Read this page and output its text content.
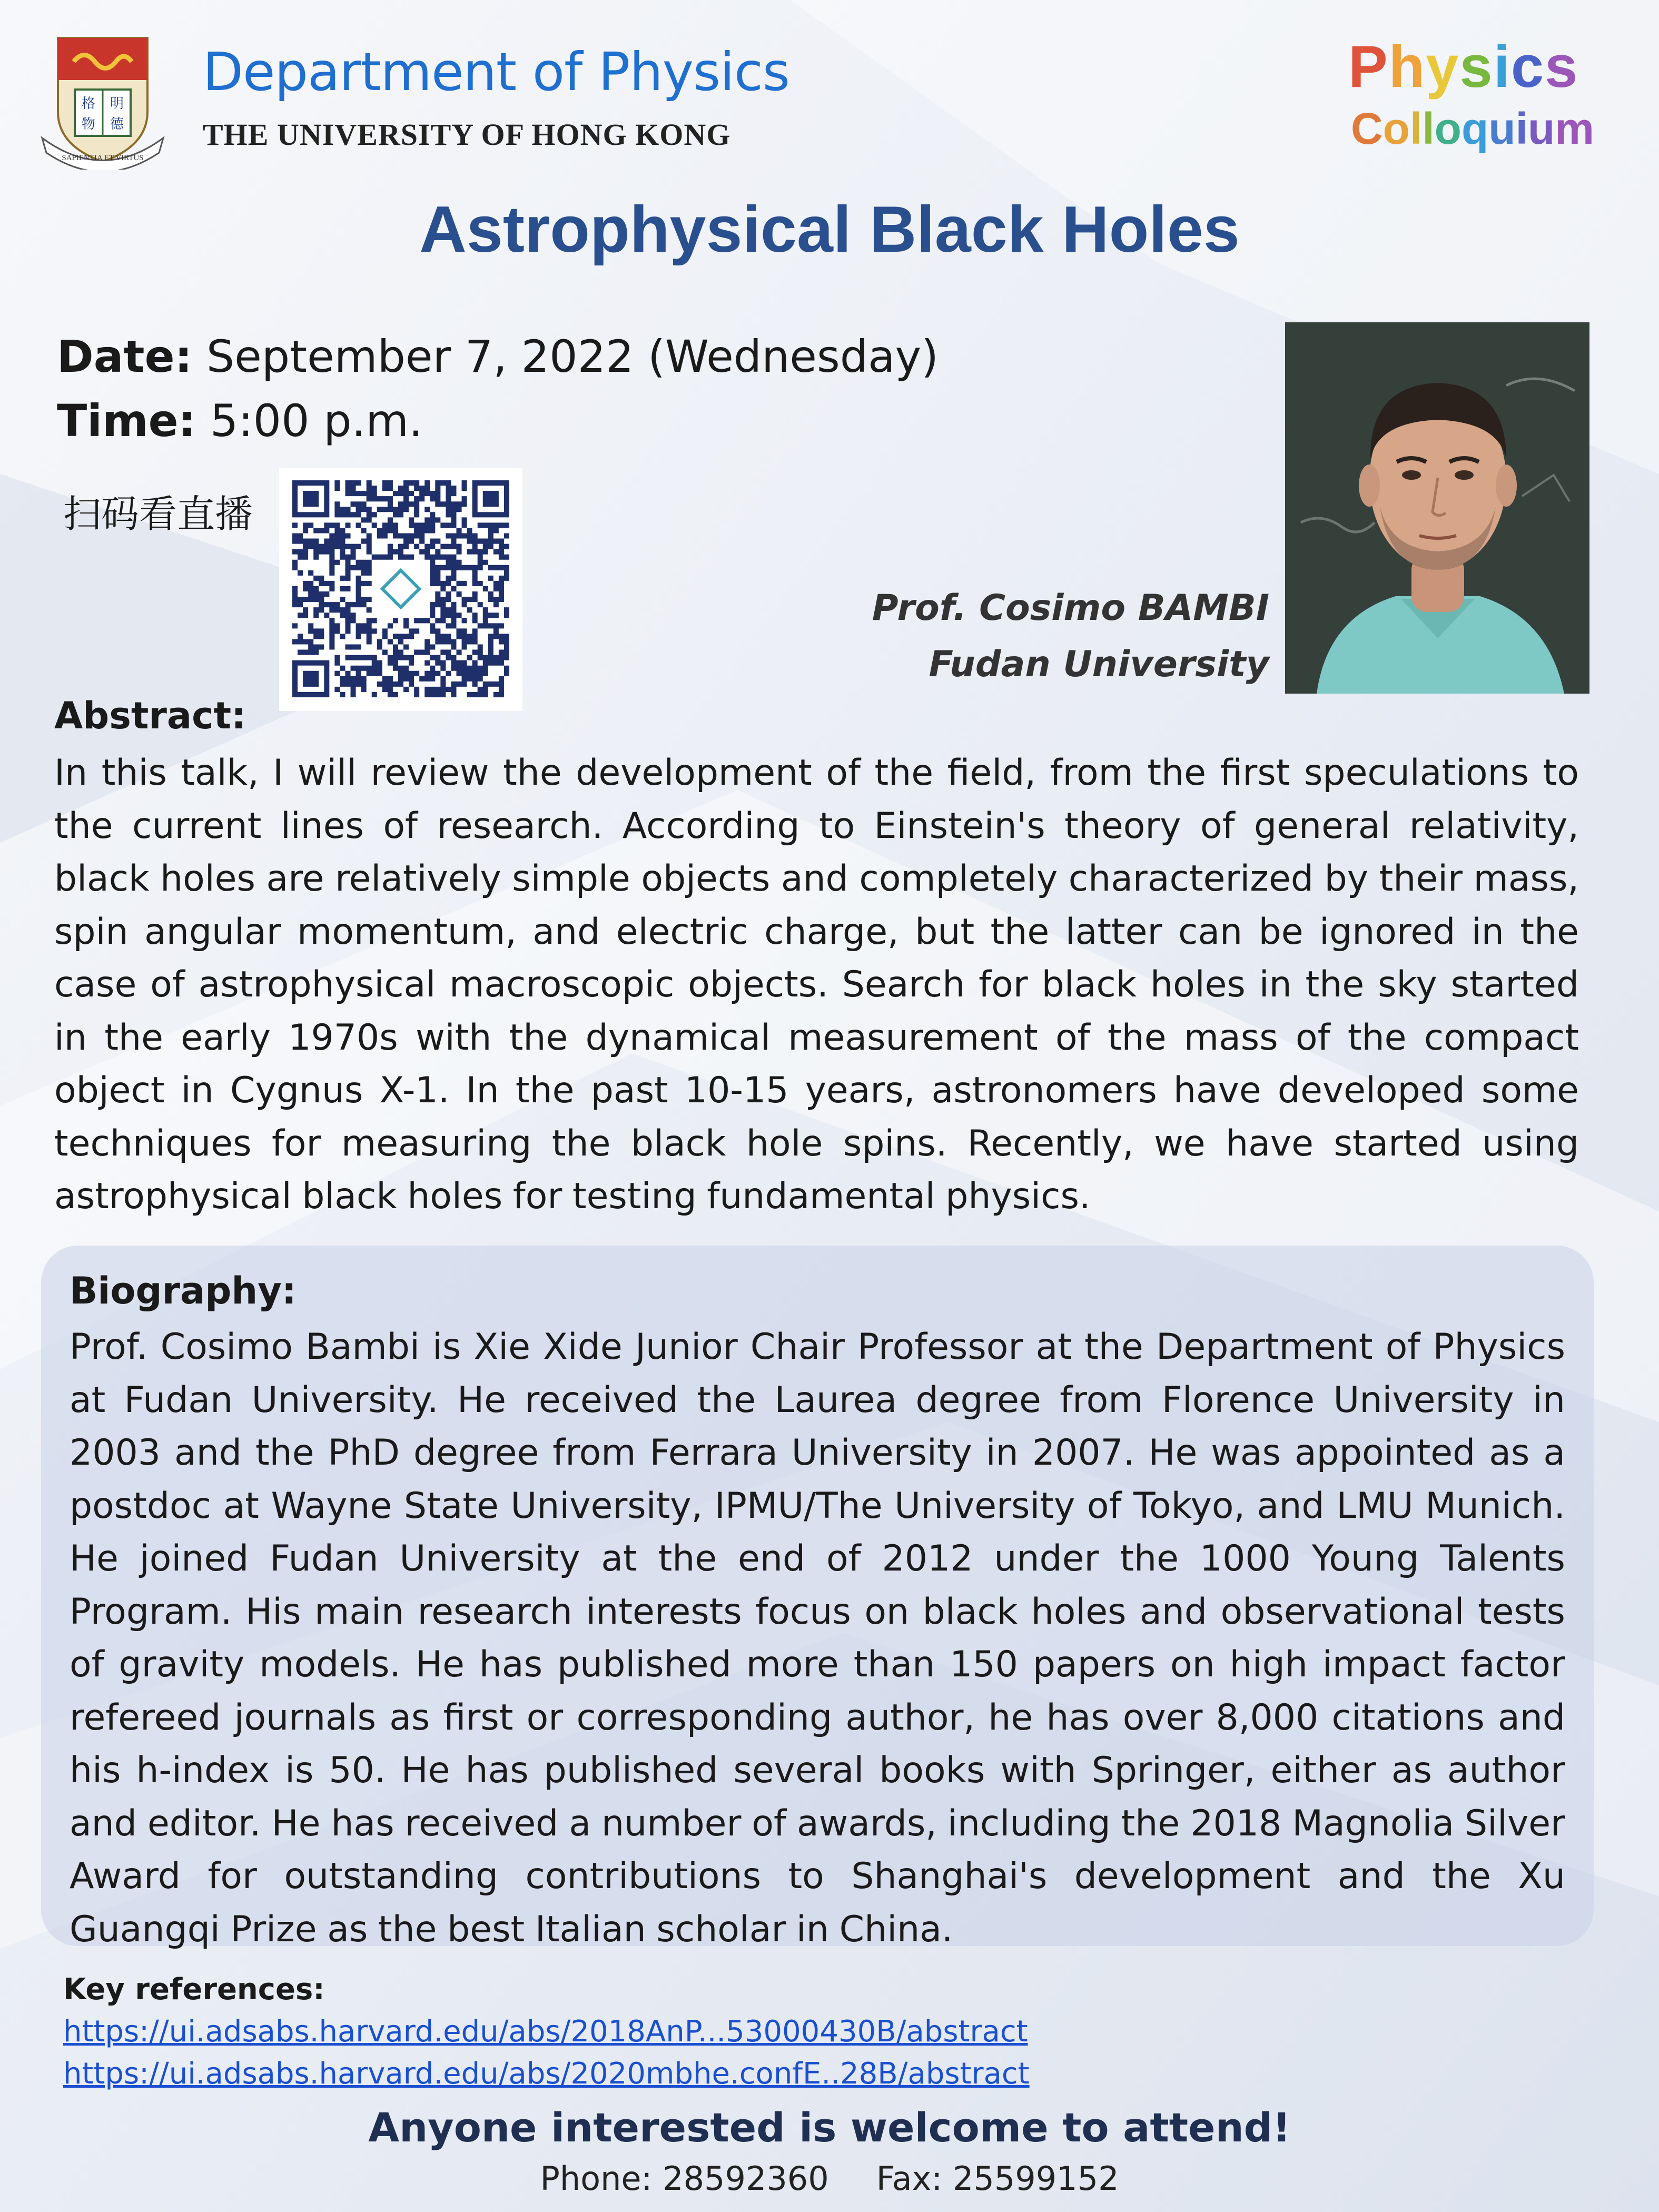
格 明
物 德
SAPIENTIA ET VIRTUS
Department of Physics
THE UNIVERSITY OF HONG KONG
Physics
Colloquium
Astrophysical Black Holes
Date: September 7, 2022 (Wednesday)
Time: 5:00 p.m.
扫码看直播
Prof. Cosimo BAMBI
Fudan University
Abstract:
In this talk, I will review the development of the field, from the first speculations to the current lines of research. According to Einstein's theory of general relativity, black holes are relatively simple objects and completely characterized by their mass, spin angular momentum, and electric charge, but the latter can be ignored in the case of astrophysical macroscopic objects. Search for black holes in the sky started in the early 1970s with the dynamical measurement of the mass of the compact object in Cygnus X-1. In the past 10-15 years, astronomers have developed some techniques for measuring the black hole spins. Recently, we have started using astrophysical black holes for testing fundamental physics.
Biography:
Prof. Cosimo Bambi is Xie Xide Junior Chair Professor at the Department of Physics at Fudan University. He received the Laurea degree from Florence University in 2003 and the PhD degree from Ferrara University in 2007. He was appointed as a postdoc at Wayne State University, IPMU/The University of Tokyo, and LMU Munich. He joined Fudan University at the end of 2012 under the 1000 Young Talents Program. His main research interests focus on black holes and observational tests of gravity models. He has published more than 150 papers on high impact factor refereed journals as first or corresponding author, he has over 8,000 citations and his h-index is 50. He has published several books with Springer, either as author and editor. He has received a number of awards, including the 2018 Magnolia Silver Award for outstanding contributions to Shanghai's development and the Xu Guangqi Prize as the best Italian scholar in China.
Key references:
https://ui.adsabs.harvard.edu/abs/2018AnP...53000430B/abstract
https://ui.adsabs.harvard.edu/abs/2020mbhe.confE..28B/abstract
Anyone interested is welcome to attend!
Phone: 28592360 Fax: 25599152
